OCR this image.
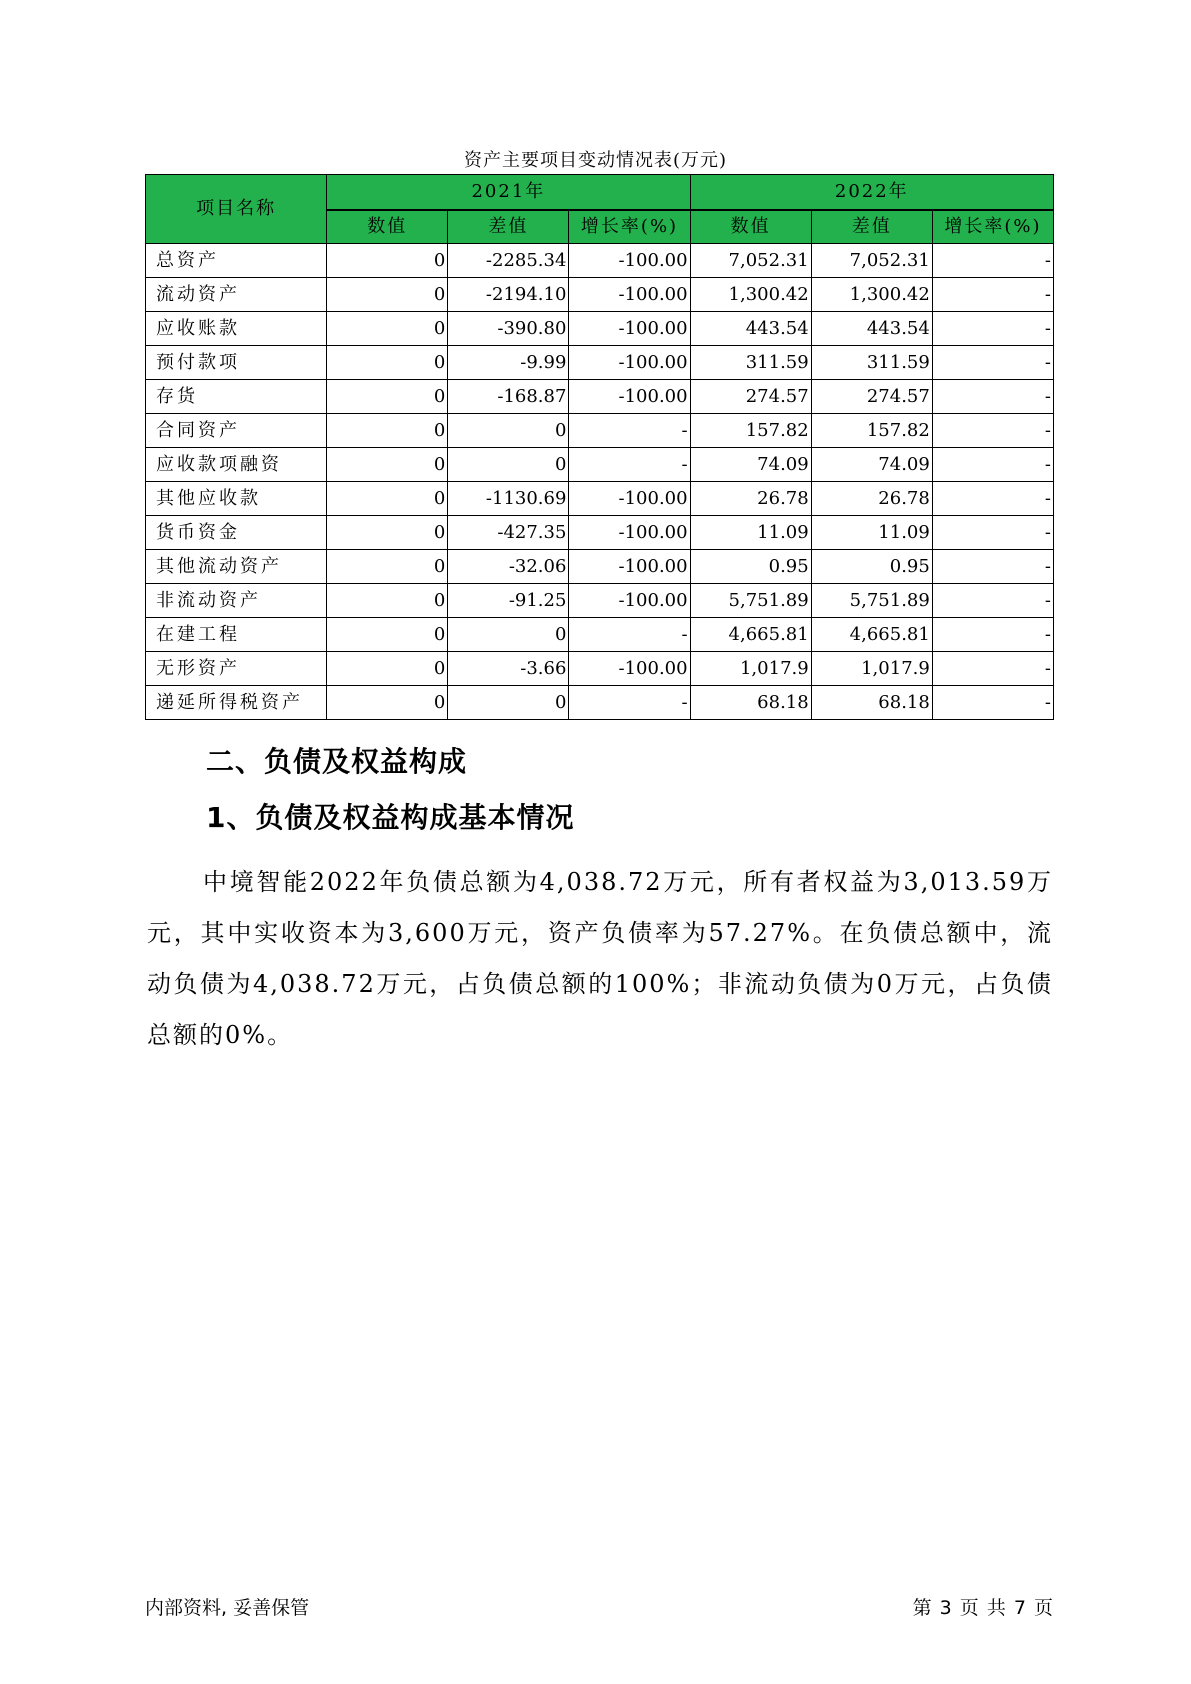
资产主要项目变动情况表(万元)
项目名称	2021年			2022年		
	数值	差值	增长率(%)	数值	差值	增长率(%)
总资产	0	-2285.34	-100.00	7,052.31	7,052.31	-
流动资产	0	-2194.10	-100.00	1,300.42	1,300.42	-
应收账款	0	-390.80	-100.00	443.54	443.54	-
预付款项	0	-9.99	-100.00	311.59	311.59	-
存货	0	-168.87	-100.00	274.57	274.57	-
合同资产	0	0	-	157.82	157.82	-
应收款项融资	0	0	-	74.09	74.09	-
其他应收款	0	-1130.69	-100.00	26.78	26.78	-
货币资金	0	-427.35	-100.00	11.09	11.09	-
其他流动资产	0	-32.06	-100.00	0.95	0.95	-
非流动资产	0	-91.25	-100.00	5,751.89	5,751.89	-
在建工程	0	0	-	4,665.81	4,665.81	-
无形资产	0	-3.66	-100.00	1,017.9	1,017.9	-
递延所得税资产	0	0	-	68.18	68.18	-
二、负债及权益构成
1、负债及权益构成基本情况

中境智能2022年负债总额为4,038.72万元，所有者权益为3,013.59万元，其中实收资本为3,600万元，资产负债率为57.27%。在负债总额中，流动负债为4,038.72万元，占负债总额的100%；非流动负债为0万元，占负债总额的0%。

内部资料, 妥善保管	第 3 页 共 7 页
